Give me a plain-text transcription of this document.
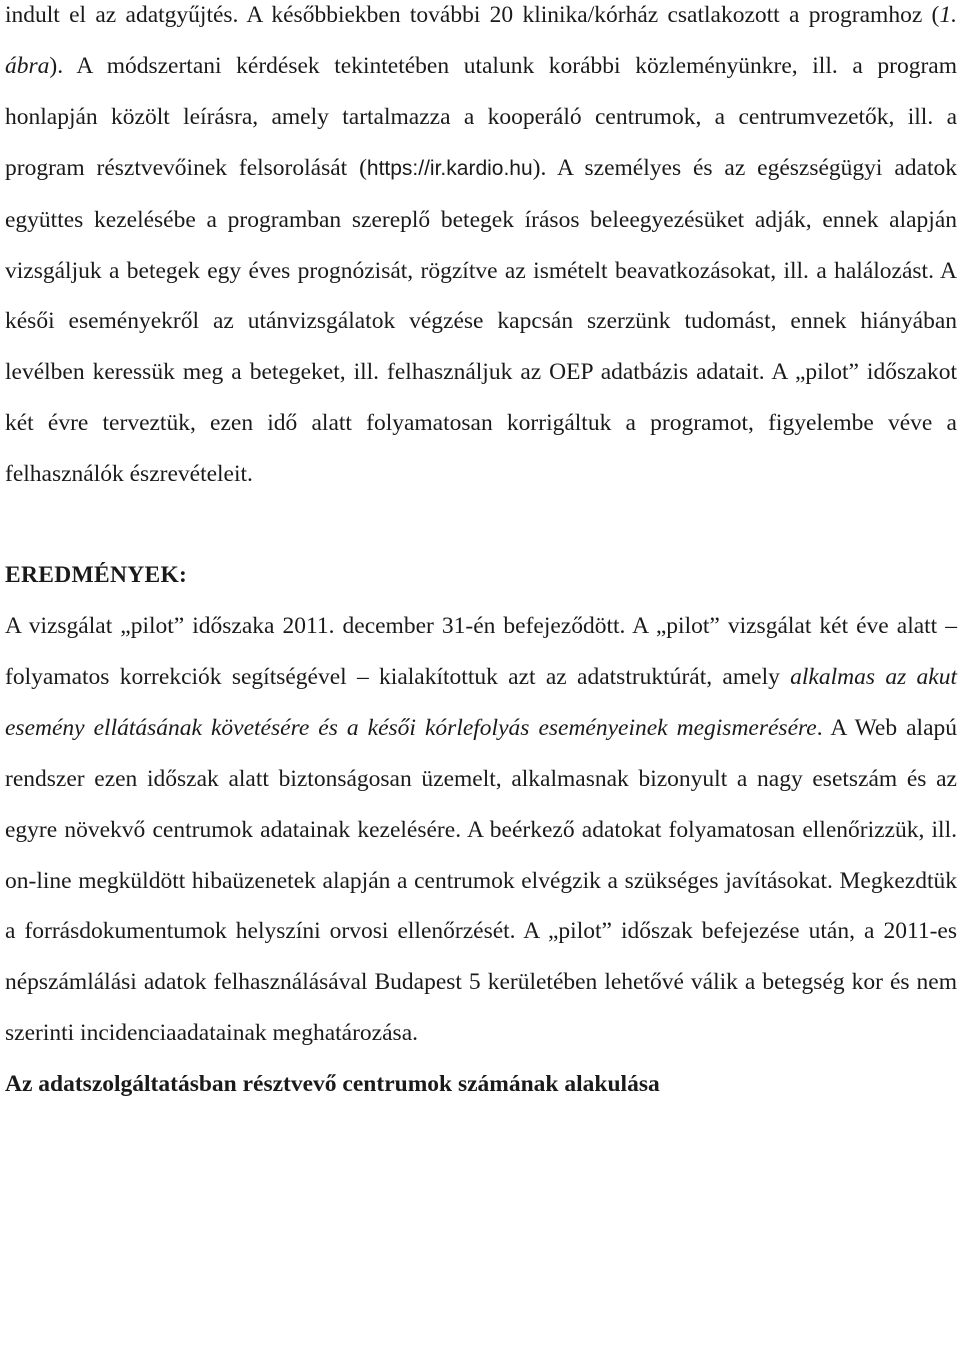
indult el az adatgyűjtés. A későbbiekben további 20 klinika/kórház csatlakozott a programhoz (1. ábra). A módszertani kérdések tekintetében utalunk korábbi közleményünkre, ill. a program honlapján közölt leírásra, amely tartalmazza a kooperáló centrumok, a centrumvezetők, ill. a program résztvevőinek felsorolását (https://ir.kardio.hu). A személyes és az egészségügyi adatok együttes kezelésébe a programban szereplő betegek írásos beleegyezésüket adják, ennek alapján vizsgáljuk a betegek egy éves prognózisát, rögzítve az ismételt beavatkozásokat, ill. a halálozást. A késői eseményekről az utánvizsgálatok végzése kapcsán szerzünk tudomást, ennek hiányában levélben keressük meg a betegeket, ill. felhasználjuk az OEP adatbázis adatait. A „pilot” időszakot két évre terveztük, ezen idő alatt folyamatosan korrigáltuk a programot, figyelembe véve a felhasználók észrevételeit.

EREDMÉNYEK:

A vizsgálat „pilot” időszaka 2011. december 31-én befejeződött. A „pilot” vizsgálat két éve alatt – folyamatos korrekciók segítségével – kialakítottuk azt az adatstruktúrát, amely alkalmas az akut esemény ellátásának követésére és a késői kórlefolyás eseményeinek megismerésére. A Web alapú rendszer ezen időszak alatt biztonságosan üzemelt, alkalmasnak bizonyult a nagy esetszám és az egyre növekvő centrumok adatainak kezelésére. A beérkező adatokat folyamatosan ellenőrizzük, ill. on-line megküldött hibaüzenetek alapján a centrumok elvégzik a szükséges javításokat. Megkezdtük a forrásdokumentumok helyszíni orvosi ellenőrzését. A „pilot” időszak befejezése után, a 2011-es népszámlálási adatok felhasználásával Budapest 5 kerületében lehetővé válik a betegség kor és nem szerinti incidenciaadatainak meghatározása.

Az adatszolgáltatásban résztvevő centrumok számának alakulása
